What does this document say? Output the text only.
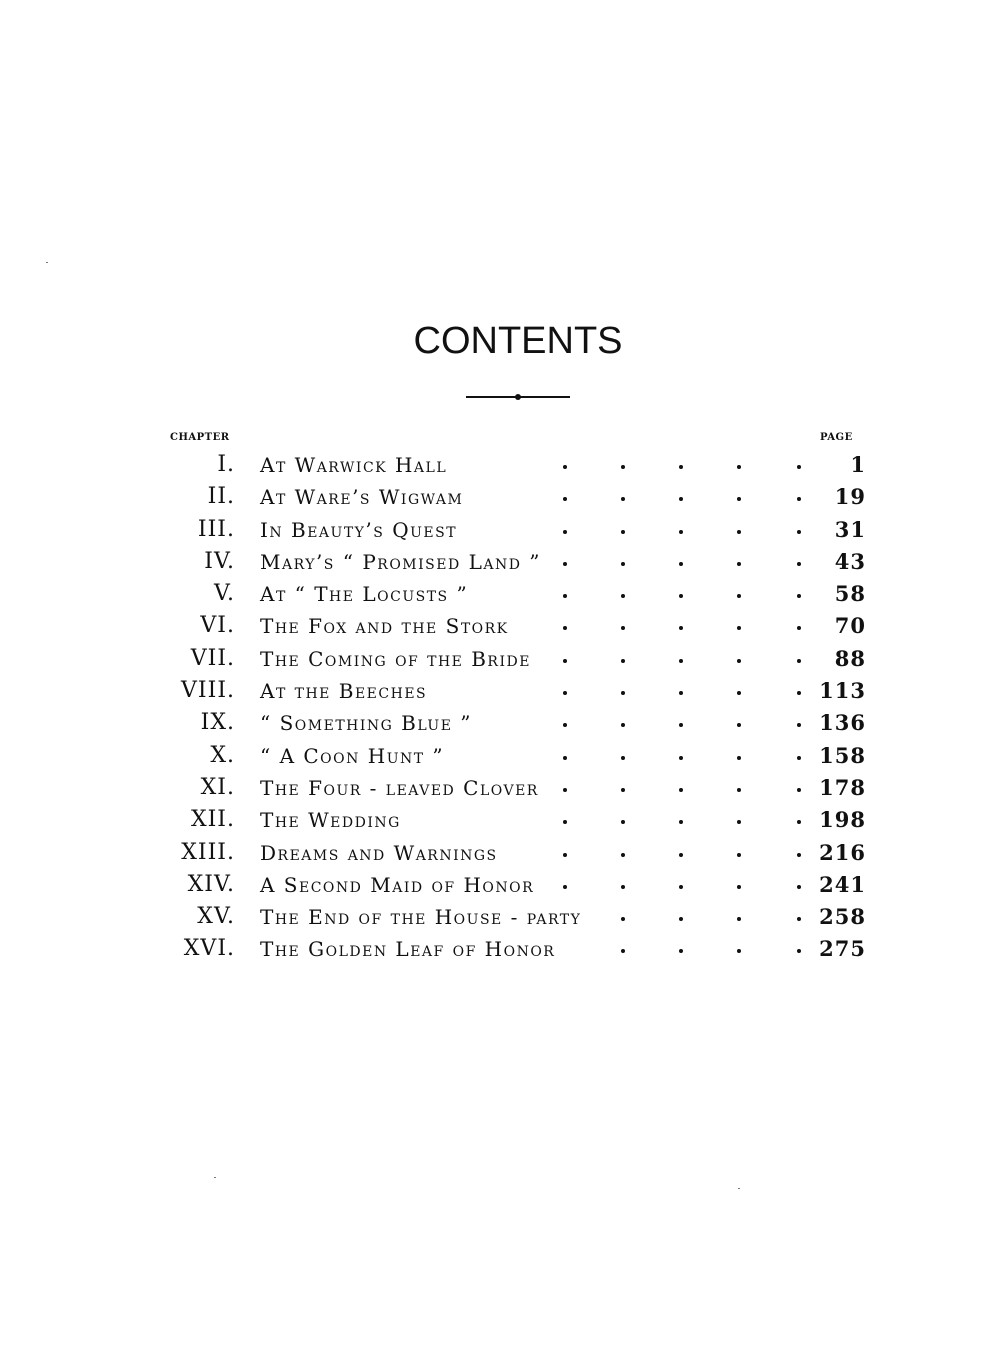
CONTENTS
CHAPTER	PAGE
I. At Warwick Hall	1
II. At Ware’s Wigwam	19
III. In Beauty’s Quest	31
IV. Mary’s “ Promised Land ”	43
V. At “ The Locusts ”	58
VI. The Fox and the Stork	70
VII. The Coming of the Bride	88
VIII. At the Beeches	113
IX. “ Something Blue ”	136
X. “ A Coon Hunt ”	158
XI. The Four - leaved Clover	178
XII. The Wedding	198
XIII. Dreams and Warnings	216
XIV. A Second Maid of Honor	241
XV. The End of the House - party	258
XVI. The Golden Leaf of Honor	275
